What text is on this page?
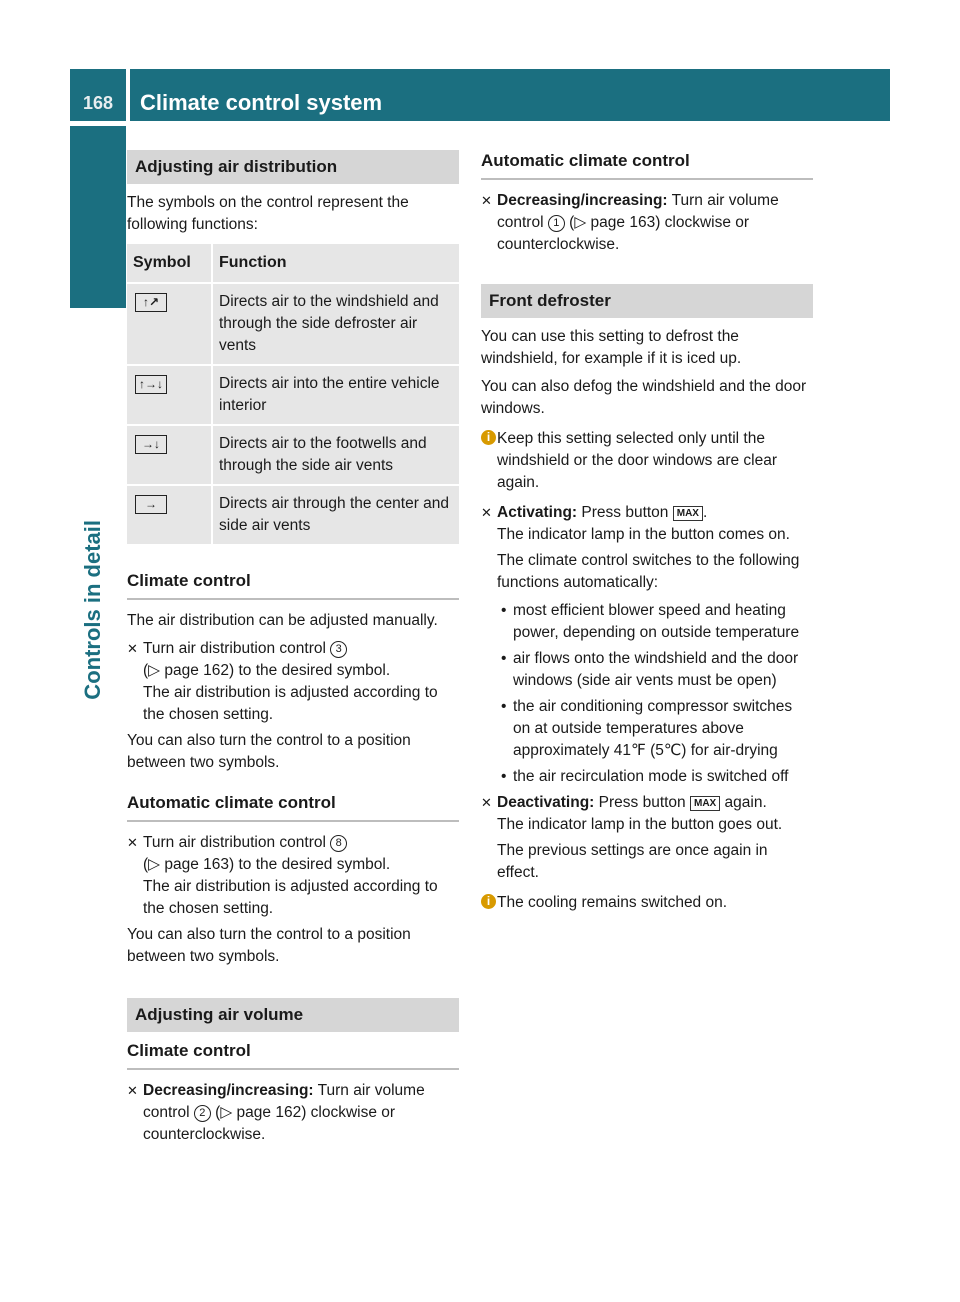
168	Climate control system
Controls in detail
Adjusting air distribution

The symbols on the control represent the following functions:

Symbol	Function
↑↗	Directs air to the windshield and through the side defroster air vents
↑→↓	Directs air into the entire vehicle interior
→↓	Directs air to the footwells and through the side air vents
→	Directs air through the center and side air vents
Climate control

The air distribution can be adjusted manually.

✕ Turn air distribution control 3
(▷ page 162) to the desired symbol.
The air distribution is adjusted according to the chosen setting.

You can also turn the control to a position between two symbols.

Automatic climate control
✕ Turn air distribution control 8
(▷ page 163) to the desired symbol.
The air distribution is adjusted according to the chosen setting.

You can also turn the control to a position between two symbols.

Adjusting air volume
Climate control
✕ Decreasing/increasing: Turn air volume control 2 (▷ page 162) clockwise or counterclockwise.
Automatic climate control
✕ Decreasing/increasing: Turn air volume control 1 (▷ page 163) clockwise or counterclockwise.
Front defroster

You can use this setting to defrost the windshield, for example if it is iced up.

You can also defog the windshield and the door windows.

i Keep this setting selected only until the windshield or the door windows are clear again.
✕ Activating: Press button MAX .
The indicator lamp in the button comes on.

The climate control switches to the following functions automatically:

• most efficient blower speed and heating power, depending on outside temperature
• air flows onto the windshield and the door windows (side air vents must be open)
• the air conditioning compressor switches on at outside temperatures above approximately 41℉ (5℃) for air-drying
• the air recirculation mode is switched off
✕ Deactivating: Press button MAX again.
The indicator lamp in the button goes out.

The previous settings are once again in effect.

i The cooling remains switched on.
